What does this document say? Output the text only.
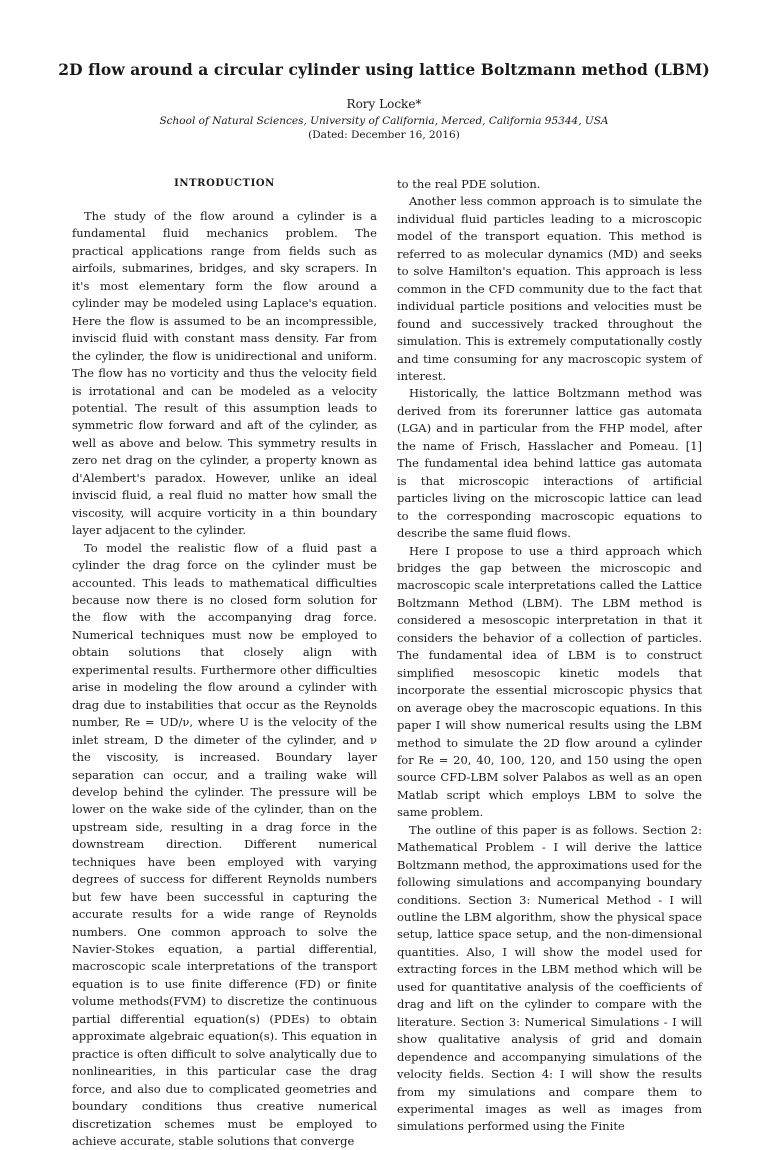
2D flow around a circular cylinder using lattice Boltzmann method (LBM)
Rory Locke*
School of Natural Sciences, University of California, Merced, California 95344, USA
(Dated: December 16, 2016)
INTRODUCTION

The study of the flow around a cylinder is a fundamental fluid mechanics problem. The practical applications range from fields such as airfoils, submarines, bridges, and sky scrapers. In it's most elementary form the flow around a cylinder may be modeled using Laplace's equation. Here the flow is assumed to be an incompressible, inviscid fluid with constant mass density. Far from the cylinder, the flow is unidirectional and uniform. The flow has no vorticity and thus the velocity field is irrotational and can be modeled as a velocity potential. The result of this assumption leads to symmetric flow forward and aft of the cylinder, as well as above and below. This symmetry results in zero net drag on the cylinder, a property known as d'Alembert's paradox. However, unlike an ideal inviscid fluid, a real fluid no matter how small the viscosity, will acquire vorticity in a thin boundary layer adjacent to the cylinder.

To model the realistic flow of a fluid past a cylinder the drag force on the cylinder must be accounted. This leads to mathematical difficulties because now there is no closed form solution for the flow with the accompanying drag force. Numerical techniques must now be employed to obtain solutions that closely align with experimental results. Furthermore other difficulties arise in modeling the flow around a cylinder with drag due to instabilities that occur as the Reynolds number, Re = UD/ν, where U is the velocity of the inlet stream, D the dimeter of the cylinder, and ν the viscosity, is increased. Boundary layer separation can occur, and a trailing wake will develop behind the cylinder. The pressure will be lower on the wake side of the cylinder, than on the upstream side, resulting in a drag force in the downstream direction. Different numerical techniques have been employed with varying degrees of success for different Reynolds numbers but few have been successful in capturing the accurate results for a wide range of Reynolds numbers. One common approach to solve the Navier-Stokes equation, a partial differential, macroscopic scale interpretations of the transport equation is to use finite difference (FD) or finite volume methods(FVM) to discretize the continuous partial differential equation(s) (PDEs) to obtain approximate algebraic equation(s). This equation in practice is often difficult to solve analytically due to nonlinearities, in this particular case the drag force, and also due to complicated geometries and boundary conditions thus creative numerical discretization schemes must be employed to achieve accurate, stable solutions that converge

to the real PDE solution.

Another less common approach is to simulate the individual fluid particles leading to a microscopic model of the transport equation. This method is referred to as molecular dynamics (MD) and seeks to solve Hamilton's equation. This approach is less common in the CFD community due to the fact that individual particle positions and velocities must be found and successively tracked throughout the simulation. This is extremely computationally costly and time consuming for any macroscopic system of interest.

Historically, the lattice Boltzmann method was derived from its forerunner lattice gas automata (LGA) and in particular from the FHP model, after the name of Frisch, Hasslacher and Pomeau. [1] The fundamental idea behind lattice gas automata is that microscopic interactions of artificial particles living on the microscopic lattice can lead to the corresponding macroscopic equations to describe the same fluid flows.

Here I propose to use a third approach which bridges the gap between the microscopic and macroscopic scale interpretations called the Lattice Boltzmann Method (LBM). The LBM method is considered a mesoscopic interpretation in that it considers the behavior of a collection of particles. The fundamental idea of LBM is to construct simplified mesoscopic kinetic models that incorporate the essential microscopic physics that on average obey the macroscopic equations. In this paper I will show numerical results using the LBM method to simulate the 2D flow around a cylinder for Re = 20, 40, 100, 120, and 150 using the open source CFD-LBM solver Palabos as well as an open Matlab script which employs LBM to solve the same problem.

The outline of this paper is as follows. Section 2: Mathematical Problem - I will derive the lattice Boltzmann method, the approximations used for the following simulations and accompanying boundary conditions. Section 3: Numerical Method - I will outline the LBM algorithm, show the physical space setup, lattice space setup, and the non-dimensional quantities. Also, I will show the model used for extracting forces in the LBM method which will be used for quantitative analysis of the coefficients of drag and lift on the cylinder to compare with the literature. Section 3: Numerical Simulations - I will show qualitative analysis of grid and domain dependence and accompanying simulations of the velocity fields. Section 4: I will show the results from my simulations and compare them to experimental images as well as images from simulations performed using the Finite
